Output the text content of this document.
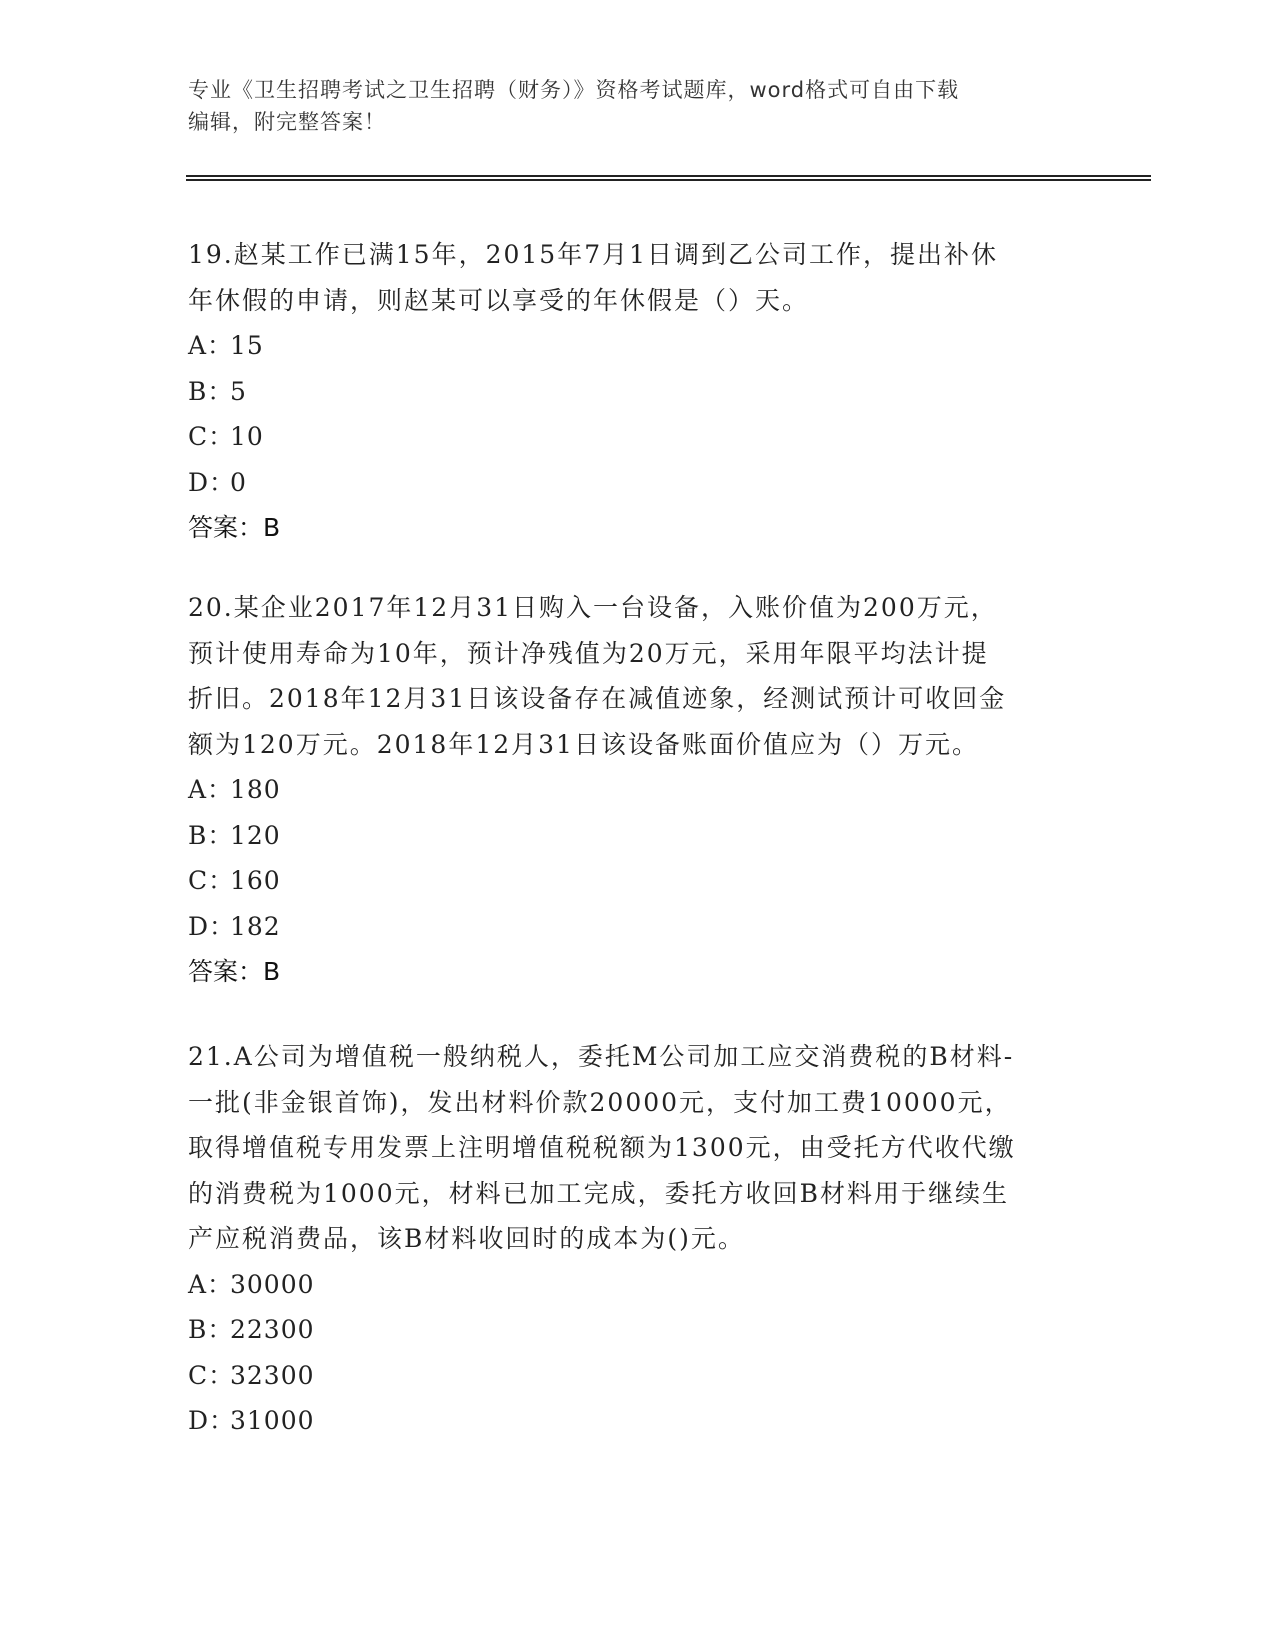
专业《卫生招聘考试之卫生招聘（财务）》资格考试题库，word格式可自由下载
编辑，附完整答案！
19.赵某工作已满15年，2015年7月1日调到乙公司工作，提出补休
年休假的申请，则赵某可以享受的年休假是（）天。
A：15
B：5
C：10
D：0
答案：B
20.某企业2017年12月31日购入一台设备，入账价值为200万元，
预计使用寿命为10年，预计净残值为20万元，采用年限平均法计提
折旧。2018年12月31日该设备存在减值迹象，经测试预计可收回金
额为120万元。2018年12月31日该设备账面价值应为（）万元。
A：180
B：120
C：160
D：182
答案：B
21.A公司为增值税一般纳税人，委托M公司加工应交消费税的B材料-
一批(非金银首饰)，发出材料价款20000元，支付加工费10000元，
取得增值税专用发票上注明增值税税额为1300元，由受托方代收代缴
的消费税为1000元，材料已加工完成，委托方收回B材料用于继续生
产应税消费品，该B材料收回时的成本为()元。
A：30000
B：22300
C：32300
D：31000
